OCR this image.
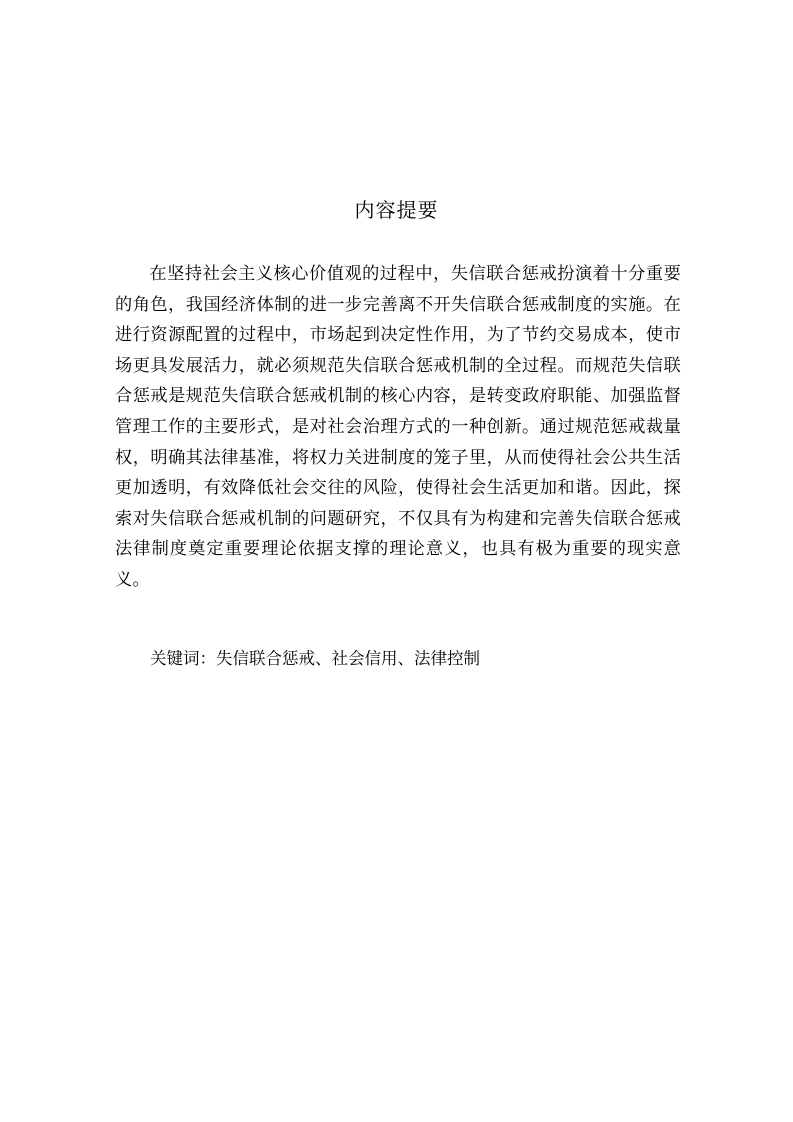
内容提要

在坚持社会主义核心价值观的过程中，失信联合惩戒扮演着十分重要的角色，我国经济体制的进一步完善离不开失信联合惩戒制度的实施。在进行资源配置的过程中，市场起到决定性作用，为了节约交易成本，使市场更具发展活力，就必须规范失信联合惩戒机制的全过程。而规范失信联合惩戒是规范失信联合惩戒机制的核心内容，是转变政府职能、加强监督管理工作的主要形式，是对社会治理方式的一种创新。通过规范惩戒裁量权，明确其法律基准，将权力关进制度的笼子里，从而使得社会公共生活更加透明，有效降低社会交往的风险，使得社会生活更加和谐。因此，探索对失信联合惩戒机制的问题研究，不仅具有为构建和完善失信联合惩戒法律制度奠定重要理论依据支撑的理论意义，也具有极为重要的现实意义。

关键词：失信联合惩戒、社会信用、法律控制
